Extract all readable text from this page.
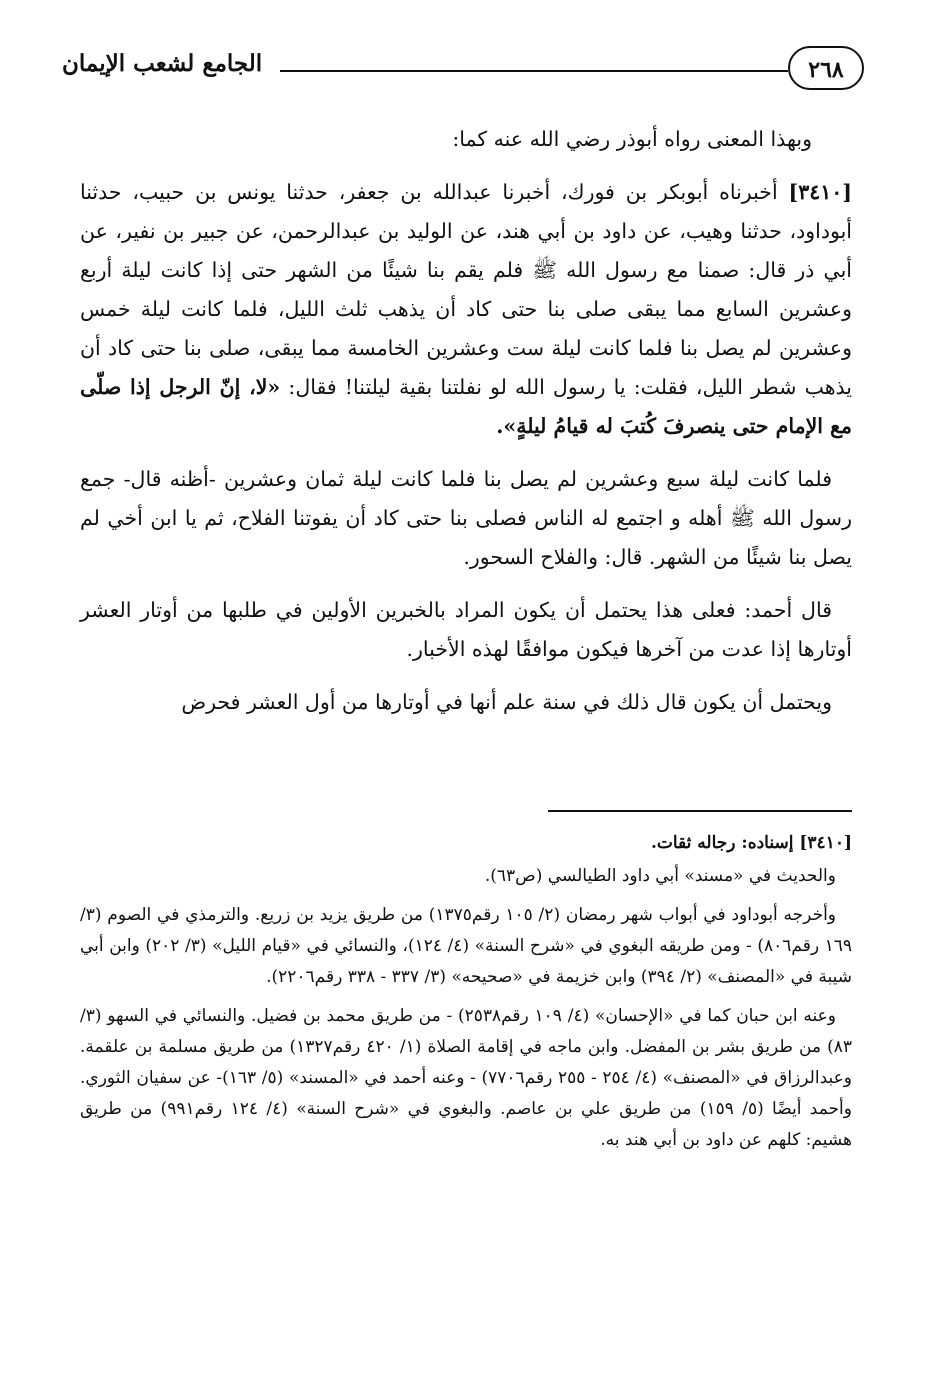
الجامع لشعب الإيمان	٢٦٨

وبهذا المعنى رواه أبوذر رضي الله عنه كما:

[٣٤١٠] أخبرناه أبوبكر بن فورك، أخبرنا عبدالله بن جعفر، حدثنا يونس بن حبيب، حدثنا أبوداود، حدثنا وهيب، عن داود بن أبي هند، عن الوليد بن عبدالرحمن، عن جبير بن نفير، عن أبي ذر قال: صمنا مع رسول الله ﷺ فلم يقم بنا شيئًا من الشهر حتى إذا كانت ليلة أربع وعشرين السابع مما يبقى صلى بنا حتى كاد أن يذهب ثلث الليل، فلما كانت ليلة خمس وعشرين لم يصل بنا فلما كانت ليلة ست وعشرين الخامسة مما يبقى، صلى بنا حتى كاد أن يذهب شطر الليل، فقلت: يا رسول الله لو نفلتنا بقية ليلتنا! فقال: «لا، إنّ الرجل إذا صلّى مع الإمام حتى ينصرفَ كُتبَ له قيامُ ليلةٍ».

فلما كانت ليلة سبع وعشرين لم يصل بنا فلما كانت ليلة ثمان وعشرين -أظنه قال- جمع رسول الله ﷺ أهله و اجتمع له الناس فصلى بنا حتى كاد أن يفوتنا الفلاح، ثم يا ابن أخي لم يصل بنا شيئًا من الشهر. قال: والفلاح السحور.

قال أحمد: فعلى هذا يحتمل أن يكون المراد بالخبرين الأولين في طلبها من أوتار العشر أوتارها إذا عدت من آخرها فيكون موافقًا لهذه الأخبار.

ويحتمل أن يكون قال ذلك في سنة علم أنها في أوتارها من أول العشر فحرض

[٣٤١٠] إسناده: رجاله ثقات.

والحديث في «مسند» أبي داود الطيالسي (ص٦٣).

وأخرجه أبوداود في أبواب شهر رمضان (٢/ ١٠٥ رقم١٣٧٥) من طريق يزيد بن زريع. والترمذي في الصوم (٣/ ١٦٩ رقم٨٠٦) - ومن طريقه البغوي في «شرح السنة» (٤/ ١٢٤)، والنسائي في «قيام الليل» (٣/ ٢٠٢) وابن أبي شيبة في «المصنف» (٢/ ٣٩٤) وابن خزيمة في «صحيحه» (٣/ ٣٣٧ - ٣٣٨ رقم٢٢٠٦).

وعنه ابن حبان كما في «الإحسان» (٤/ ١٠٩ رقم٢٥٣٨) - من طريق محمد بن فضيل. والنسائي في السهو (٣/ ٨٣) من طريق بشر بن المفضل. وابن ماجه في إقامة الصلاة (١/ ٤٢٠ رقم١٣٢٧) من طريق مسلمة بن علقمة. وعبدالرزاق في «المصنف» (٤/ ٢٥٤ - ٢٥٥ رقم٧٧٠٦) - وعنه أحمد في «المسند» (٥/ ١٦٣)- عن سفيان الثوري. وأحمد أيضًا (٥/ ١٥٩) من طريق علي بن عاصم. والبغوي في «شرح السنة» (٤/ ١٢٤ رقم٩٩١) من طريق هشيم: كلهم عن داود بن أبي هند به.
